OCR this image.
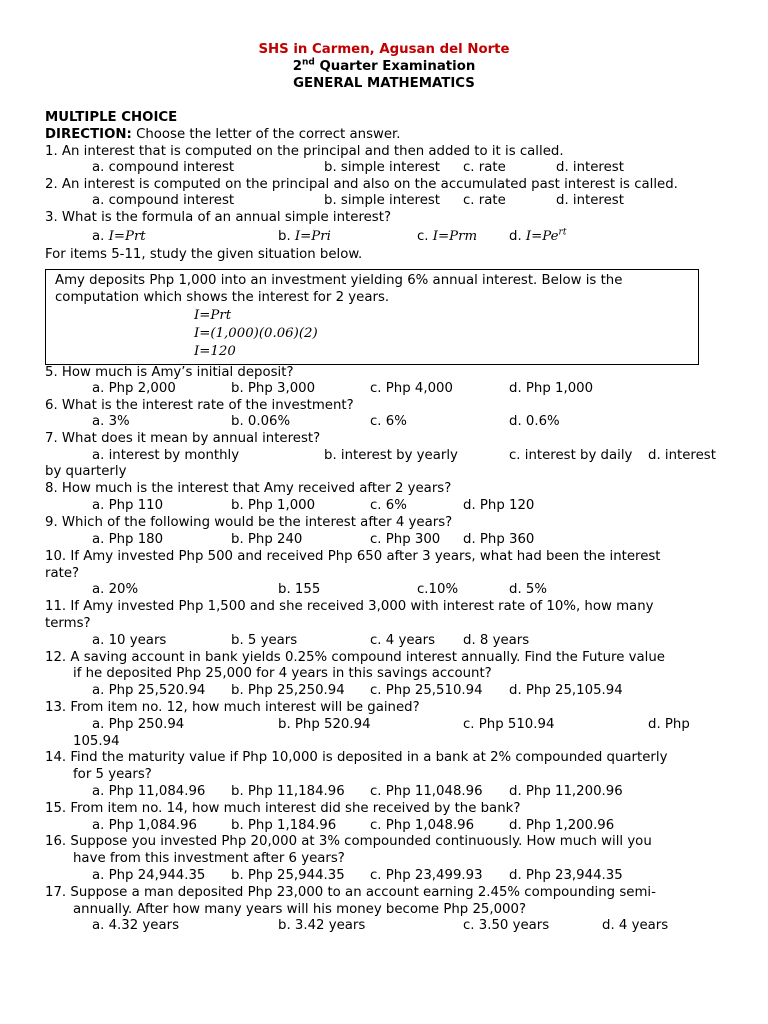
SHS in Carmen, Agusan del Norte
2nd Quarter Examination
GENERAL MATHEMATICS
MULTIPLE CHOICE
DIRECTION: Choose the letter of the correct answer.
1. An interest that is computed on the principal and then added to it is called.
a. compound interest	b. simple interest c. rate	d. interest
2. An interest is computed on the principal and also on the accumulated past interest is called.
a. compound interest	b. simple interest c. rate	d. interest
3. What is the formula of an annual simple interest?
a. I=Prt	b. I=Pri	c. I=Prm d. $I=Pe^{rt}$
For items 5-11, study the given situation below.
Amy deposits Php 1,000 into an investment yielding 6% annual interest. Below is the
computation which shows the interest for 2 years.
I=Prt
I=(1,000)(0.06)(2)
I=120
5. How much is Amy’s initial deposit?
a. Php 2,000	b. Php 3,000	c. Php 4,000	d. Php 1,000
6. What is the interest rate of the investment?
a. 3%	b. 0.06%	c. 6%	d. 0.6%
7. What does it mean by annual interest?
a. interest by monthly	b. interest by yearly	c. interest by daily d. interest
by quarterly
8. How much is the interest that Amy received after 2 years?
a. Php 110	b. Php 1,000	c. 6%	d. Php 120
9. Which of the following would be the interest after 4 years?
a. Php 180	b. Php 240	c. Php 300 d. Php 360
10. If Amy invested Php 500 and received Php 650 after 3 years, what had been the interest
rate?
a. 20%	b. 155	c.10%	d. 5%
11. If Amy invested Php 1,500 and she received 3,000 with interest rate of 10%, how many
terms?
a. 10 years	b. 5 years	c. 4 years d. 8 years
12. A saving account in bank yields 0.25% compound interest annually. Find the Future value
if he deposited Php 25,000 for 4 years in this savings account?
a. Php 25,520.94 b. Php 25,250.94 c. Php 25,510.94 d. Php 25,105.94
13. From item no. 12, how much interest will be gained?
a. Php 250.94	b. Php 520.94	c. Php 510.94	d. Php
105.94
14. Find the maturity value if Php 10,000 is deposited in a bank at 2% compounded quarterly
for 5 years?
a. Php 11,084.96 b. Php 11,184.96 c. Php 11,048.96 d. Php 11,200.96
15. From item no. 14, how much interest did she received by the bank?
a. Php 1,084.96	b. Php 1,184.96	c. Php 1,048.96	d. Php 1,200.96
16. Suppose you invested Php 20,000 at 3% compounded continuously. How much will you
have from this investment after 6 years?
a. Php 24,944.35 b. Php 25,944.35 c. Php 23,499.93 d. Php 23,944.35
17. Suppose a man deposited Php 23,000 to an account earning 2.45% compounding semi-
annually. After how many years will his money become Php 25,000?
a. 4.32 years	b. 3.42 years	c. 3.50 years	d. 4 years
